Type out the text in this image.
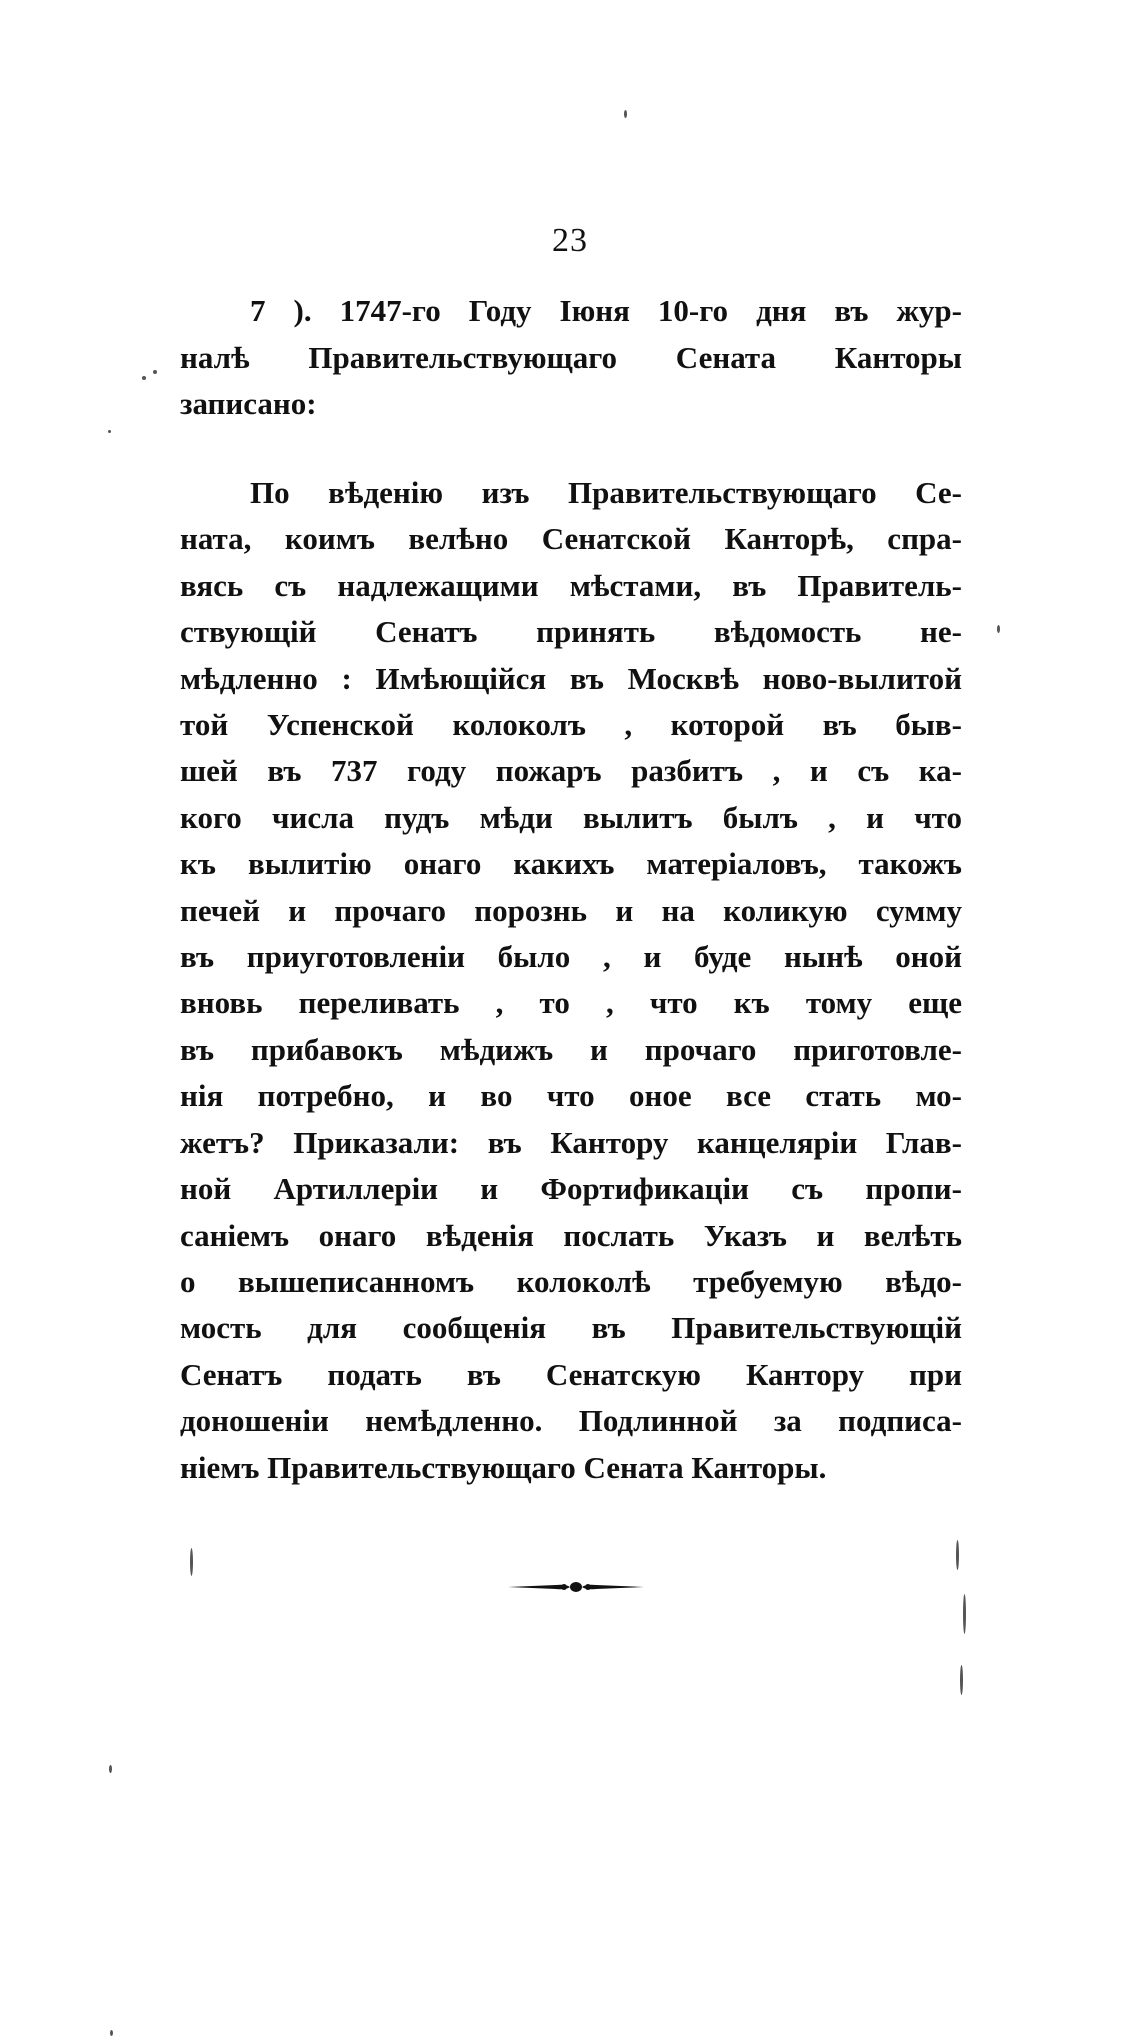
23
7 ). 1747-го Году Іюня 10-го дня въ жур-
налѣ Правительствующаго Сената Канторы
записано:
По вѣденію изъ Правительствующаго Се-
ната, коимъ велѣно Сенатской Канторѣ, спра-
вясь съ надлежащими мѣстами, въ Правитель-
ствующій Сенатъ принять вѣдомость не-
мѣдленно : Имѣющійся въ Москвѣ ново-вылитой
той Успенской колоколъ , которой въ быв-
шей въ 737 году пожаръ разбитъ , и съ ка-
кого числа пудъ мѣди вылитъ былъ , и что
къ вылитію онаго какихъ матеріаловъ, такожъ
печей и прочаго порознь и на коликую сумму
въ приуготовленіи было , и буде нынѣ оной
вновь переливать , то , что къ тому еще
въ прибавокъ мѣдижъ и прочаго приготовле-
нія потребно, и во что оное все стать мо-
жетъ? Приказали: въ Кантору канцеляріи Глав-
ной Артиллеріи и Фортификаціи съ пропи-
саніемъ онаго вѣденія послать Указъ и велѣть
о вышеписанномъ колоколѣ требуемую вѣдо-
мость для сообщенія въ Правительствующій
Сенатъ подать въ Сенатскую Кантору при
доношеніи немѣдленно. Подлинной за подписа-
ніемъ Правительствующаго Сената Канторы.
